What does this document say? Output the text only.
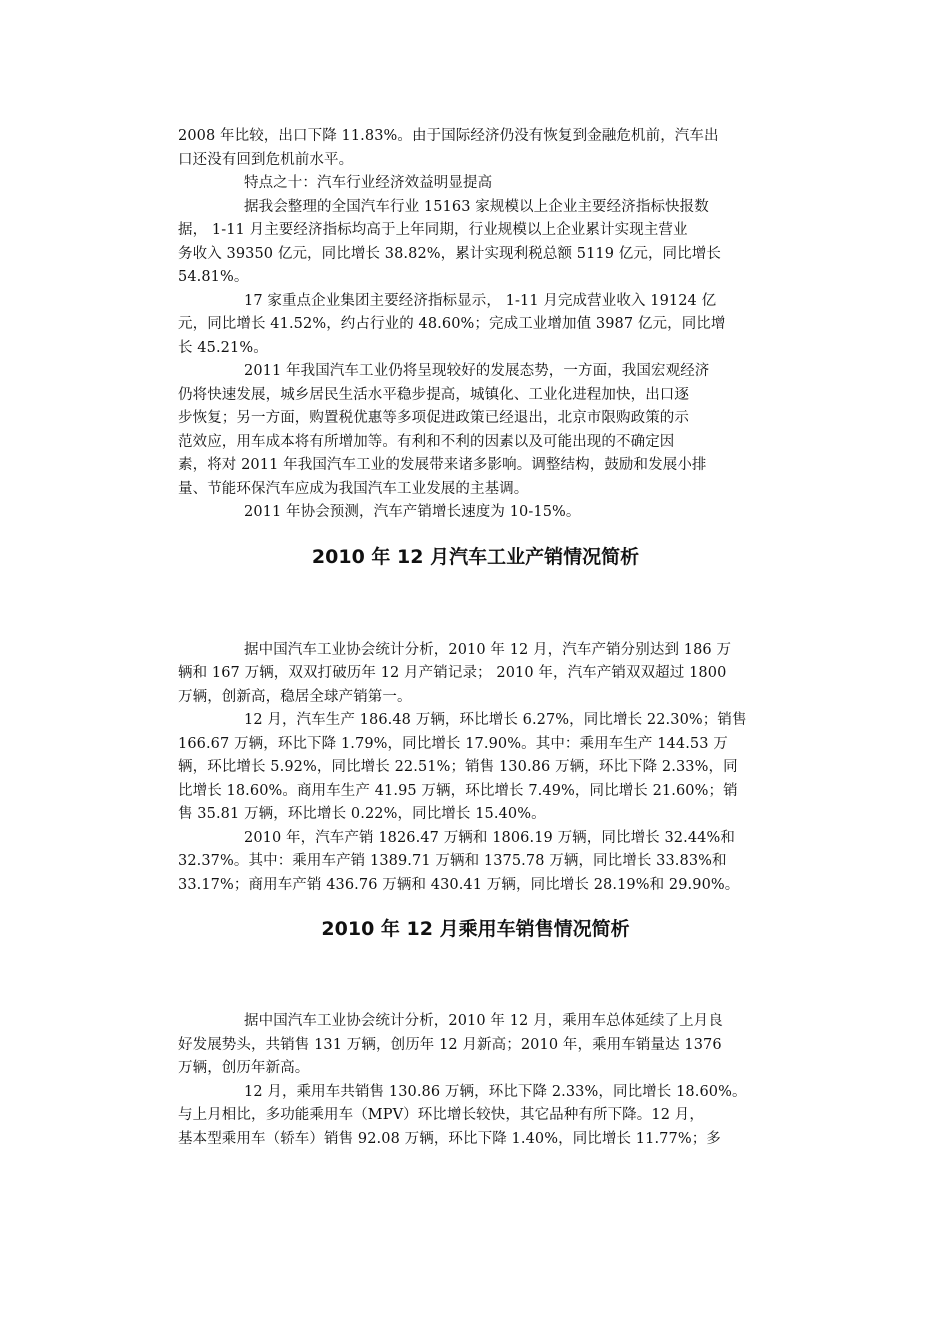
2008 年比较，出口下降 11.83%。由于国际经济仍没有恢复到金融危机前，汽车出
口还没有回到危机前水平。
特点之十：汽车行业经济效益明显提高
据我会整理的全国汽车行业 15163 家规模以上企业主要经济指标快报数
据， 1-11 月主要经济指标均高于上年同期，行业规模以上企业累计实现主营业
务收入 39350 亿元，同比增长 38.82%，累计实现利税总额 5119 亿元，同比增长
54.81%。
17 家重点企业集团主要经济指标显示， 1-11 月完成营业收入 19124 亿
元，同比增长 41.52%，约占行业的 48.60%；完成工业增加值 3987 亿元，同比增
长 45.21%。
2011 年我国汽车工业仍将呈现较好的发展态势，一方面，我国宏观经济
仍将快速发展，城乡居民生活水平稳步提高，城镇化、工业化进程加快，出口逐
步恢复；另一方面，购置税优惠等多项促进政策已经退出，北京市限购政策的示
范效应，用车成本将有所增加等。有利和不利的因素以及可能出现的不确定因
素，将对 2011 年我国汽车工业的发展带来诸多影响。调整结构，鼓励和发展小排
量、节能环保汽车应成为我国汽车工业发展的主基调。
2011 年协会预测，汽车产销增长速度为 10-15%。
2010 年 12 月汽车工业产销情况简析
据中国汽车工业协会统计分析，2010 年 12 月，汽车产销分别达到 186 万
辆和 167 万辆，双双打破历年 12 月产销记录； 2010 年，汽车产销双双超过 1800
万辆，创新高，稳居全球产销第一。
12 月，汽车生产 186.48 万辆，环比增长 6.27%，同比增长 22.30%；销售
166.67 万辆，环比下降 1.79%，同比增长 17.90%。其中：乘用车生产 144.53 万
辆，环比增长 5.92%，同比增长 22.51%；销售 130.86 万辆，环比下降 2.33%，同
比增长 18.60%。商用车生产 41.95 万辆，环比增长 7.49%，同比增长 21.60%；销
售 35.81 万辆，环比增长 0.22%，同比增长 15.40%。
2010 年，汽车产销 1826.47 万辆和 1806.19 万辆，同比增长 32.44%和
32.37%。其中：乘用车产销 1389.71 万辆和 1375.78 万辆，同比增长 33.83%和
33.17%；商用车产销 436.76 万辆和 430.41 万辆，同比增长 28.19%和 29.90%。
2010 年 12 月乘用车销售情况简析
据中国汽车工业协会统计分析，2010 年 12 月，乘用车总体延续了上月良
好发展势头，共销售 131 万辆，创历年 12 月新高；2010 年，乘用车销量达 1376
万辆，创历年新高。
12 月，乘用车共销售 130.86 万辆，环比下降 2.33%，同比增长 18.60%。
与上月相比，多功能乘用车（MPV）环比增长较快，其它品种有所下降。12 月，
基本型乘用车（轿车）销售 92.08 万辆，环比下降 1.40%，同比增长 11.77%；多
